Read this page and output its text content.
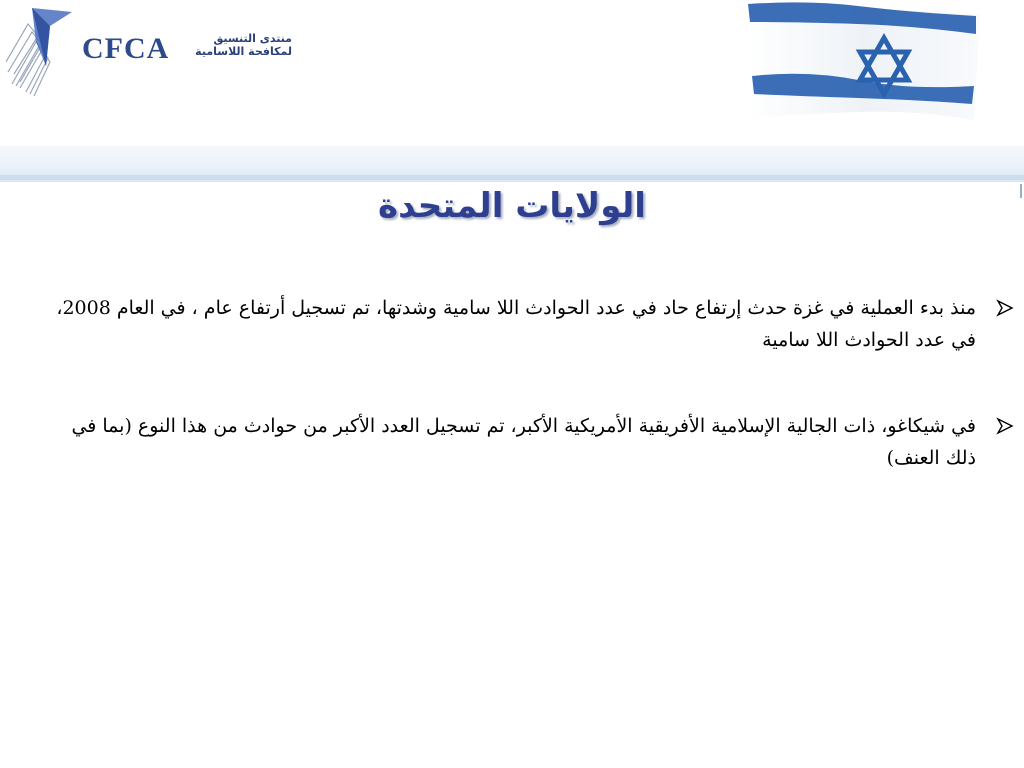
CFCA	منتدى التنسيق
لمكافحة اللاسامية
الولايات المتحدة
منذ بدء العملية في غزة حدث إرتفاع حاد في عدد الحوادث اللا سامية وشدتها، تم تسجيل أرتفاع عام ، في العام 2008، في عدد الحوادث اللا سامية
في شيكاغو، ذات الجالية الإسلامية الأفريقية الأمريكية الأكبر، تم تسجيل العدد الأكبر من حوادث من هذا النوع (بما في ذلك العنف)
